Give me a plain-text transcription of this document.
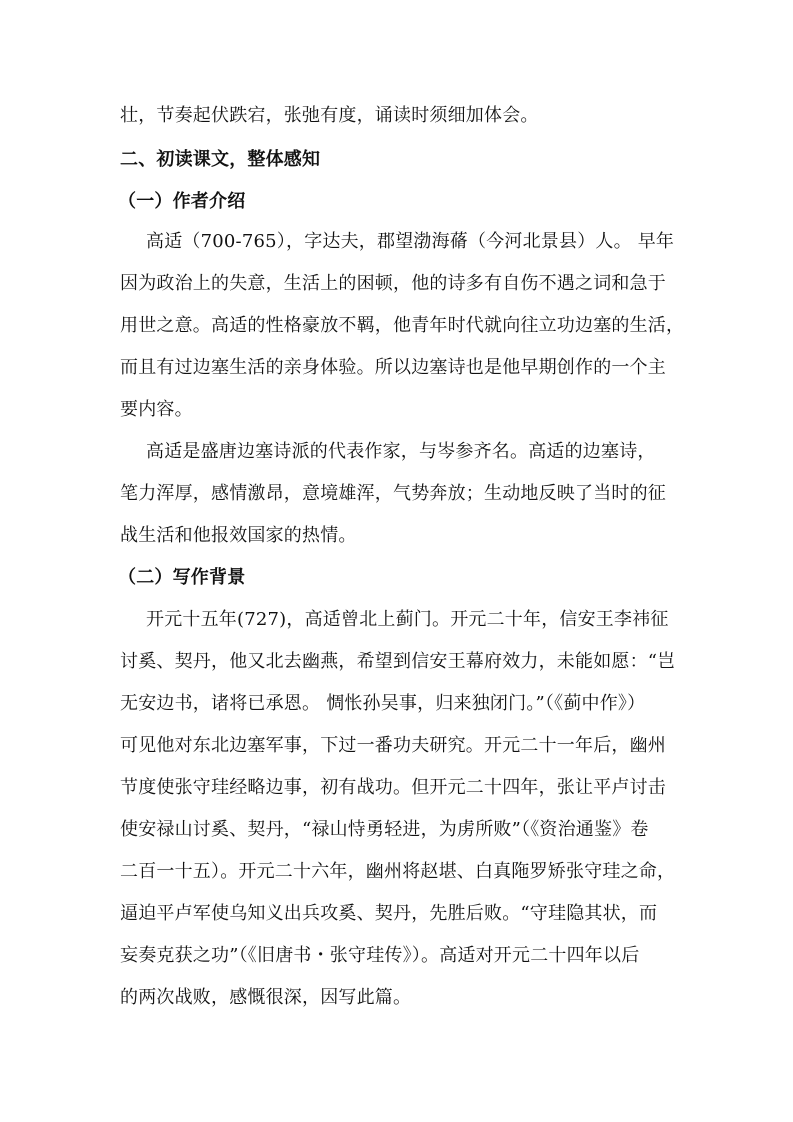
壮，节奏起伏跌宕，张弛有度，诵读时须细加体会。
二、初读课文，整体感知
（一）作者介绍
高适（700-765），字达夫，郡望渤海蓨（今河北景县）人。 早年
因为政治上的失意，生活上的困顿，他的诗多有自伤不遇之词和急于
用世之意。高适的性格豪放不羁，他青年时代就向往立功边塞的生活，
而且有过边塞生活的亲身体验。所以边塞诗也是他早期创作的一个主
要内容。
高适是盛唐边塞诗派的代表作家，与岑参齐名。高适的边塞诗，
笔力浑厚，感情激昂，意境雄浑，气势奔放；生动地反映了当时的征
战生活和他报效国家的热情。
（二）写作背景
开元十五年(727)，高适曾北上蓟门。开元二十年，信安王李祎征
讨奚、契丹，他又北去幽燕，希望到信安王幕府效力，未能如愿：“岂
无安边书，诸将已承恩。 惆怅孙吴事，归来独闭门。”（《蓟中作》）
可见他对东北边塞军事，下过一番功夫研究。开元二十一年后，幽州
节度使张守珪经略边事，初有战功。但开元二十四年，张让平卢讨击
使安禄山讨奚、契丹，“禄山恃勇轻进，为虏所败”（《资治通鉴》卷
二百一十五）。开元二十六年，幽州将赵堪、白真陁罗矫张守珪之命，
逼迫平卢军使乌知义出兵攻奚、契丹，先胜后败。“守珪隐其状，而
妄奏克获之功”（《旧唐书・张守珪传》）。高适对开元二十四年以后
的两次战败，感慨很深，因写此篇。
